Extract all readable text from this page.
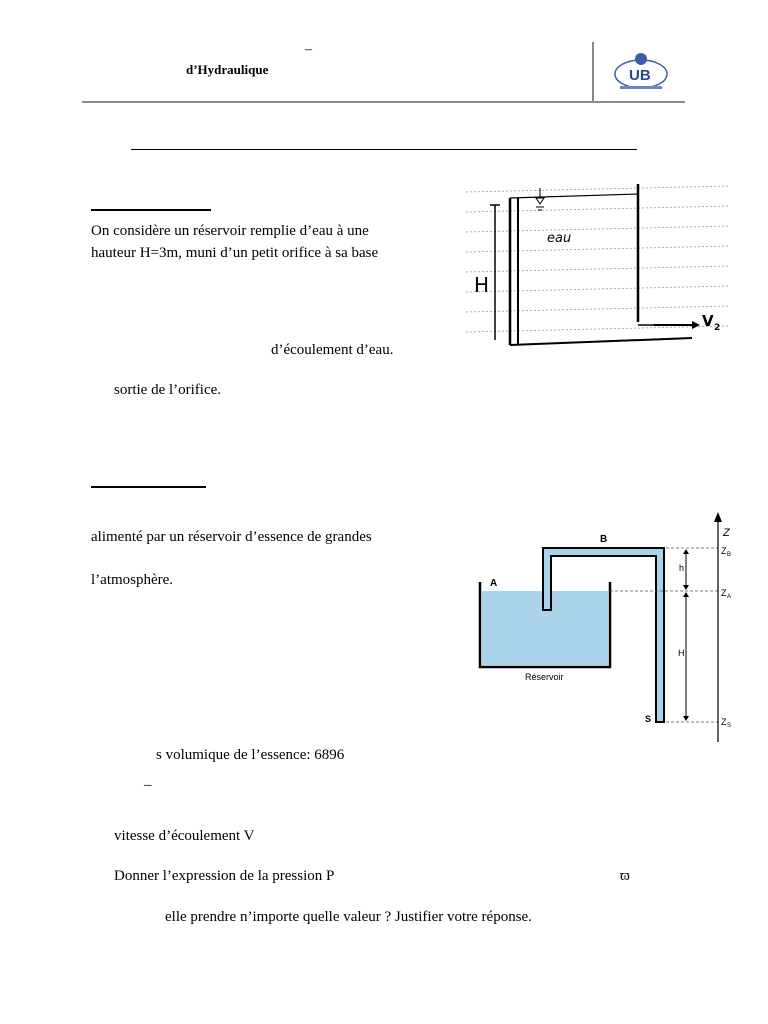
–
d’Hydraulique	UB
On considère un réservoir remplie d’eau à une
hauteur H=3m, muni d’un petit orifice à sa base
d’écoulement d’eau.
sortie de l’orifice.
H
eau
V 2
alimenté par un réservoir d’essence de grandes
l’atmosphère.
s volumique de l’essence: 6896
–
vitesse d’écoulement V
Donner l’expression de la pression P	ϖ
elle prendre n’importe quelle valeur ? Justifier votre réponse.
A
B
S
h
H
Z
Z B
Z A
Z S
Réservoir
